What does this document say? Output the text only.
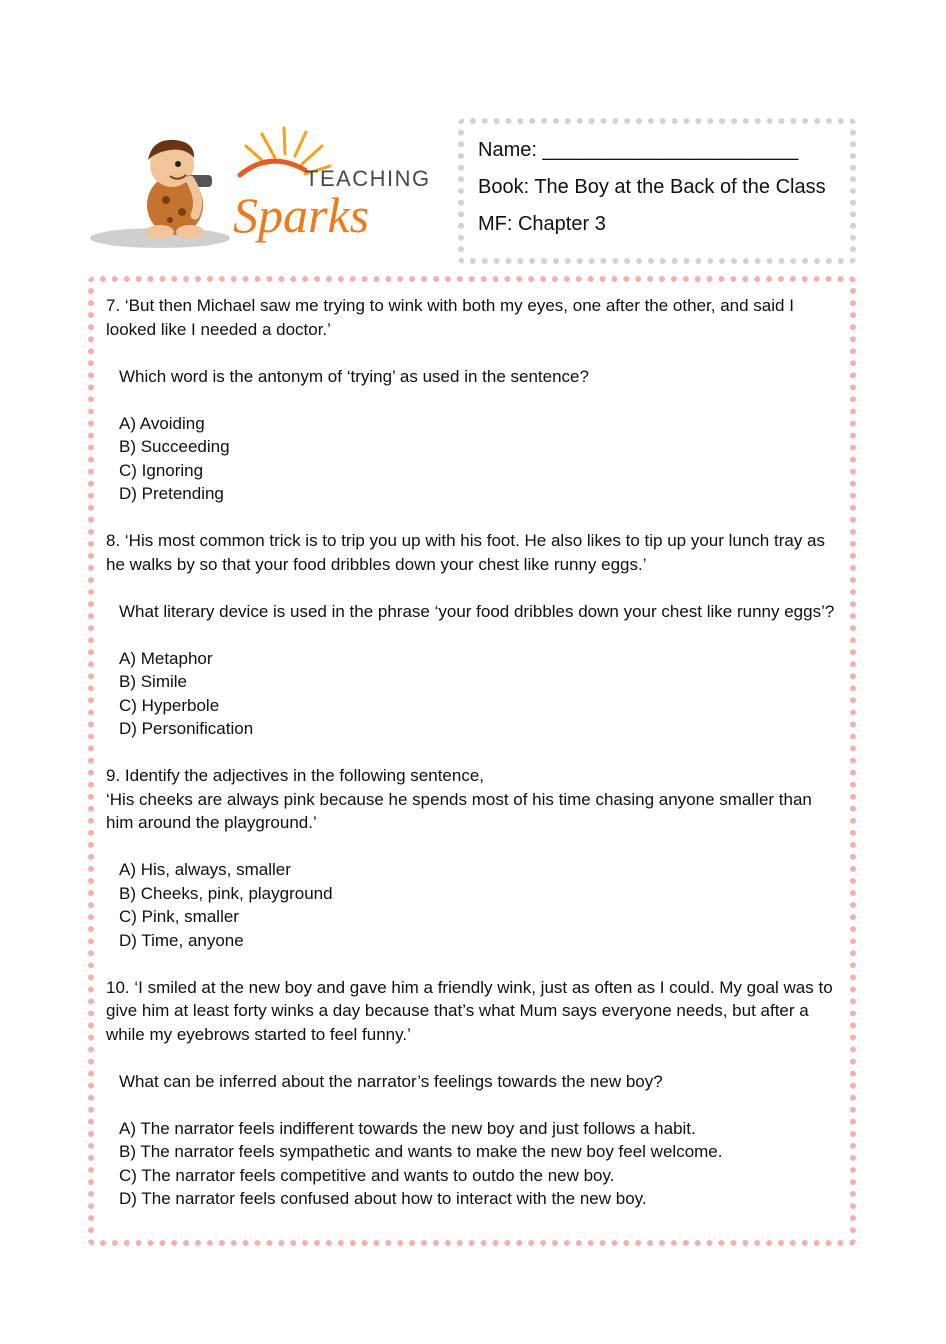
TEACHING
Sparks
Name: _______________________
Book: The Boy at the Back of the Class
MF: Chapter 3

7. ‘But then Michael saw me trying to wink with both my eyes, one after the other, and said I looked like I needed a doctor.’

Which word is the antonym of ‘trying’ as used in the sentence?

A) Avoiding

B) Succeeding

C) Ignoring

D) Pretending

8. ‘His most common trick is to trip you up with his foot. He also likes to tip up your lunch tray as he walks by so that your food dribbles down your chest like runny eggs.’

What literary device is used in the phrase ‘your food dribbles down your chest like runny eggs’?

A) Metaphor

B) Simile

C) Hyperbole

D) Personification

9. Identify the adjectives in the following sentence,

‘His cheeks are always pink because he spends most of his time chasing anyone smaller than him around the playground.’

A) His, always, smaller

B) Cheeks, pink, playground

C) Pink, smaller

D) Time, anyone

10. ‘I smiled at the new boy and gave him a friendly wink, just as often as I could. My goal was to give him at least forty winks a day because that’s what Mum says everyone needs, but after a while my eyebrows started to feel funny.’

What can be inferred about the narrator’s feelings towards the new boy?

A) The narrator feels indifferent towards the new boy and just follows a habit.

B) The narrator feels sympathetic and wants to make the new boy feel welcome.

C) The narrator feels competitive and wants to outdo the new boy.

D) The narrator feels confused about how to interact with the new boy.
